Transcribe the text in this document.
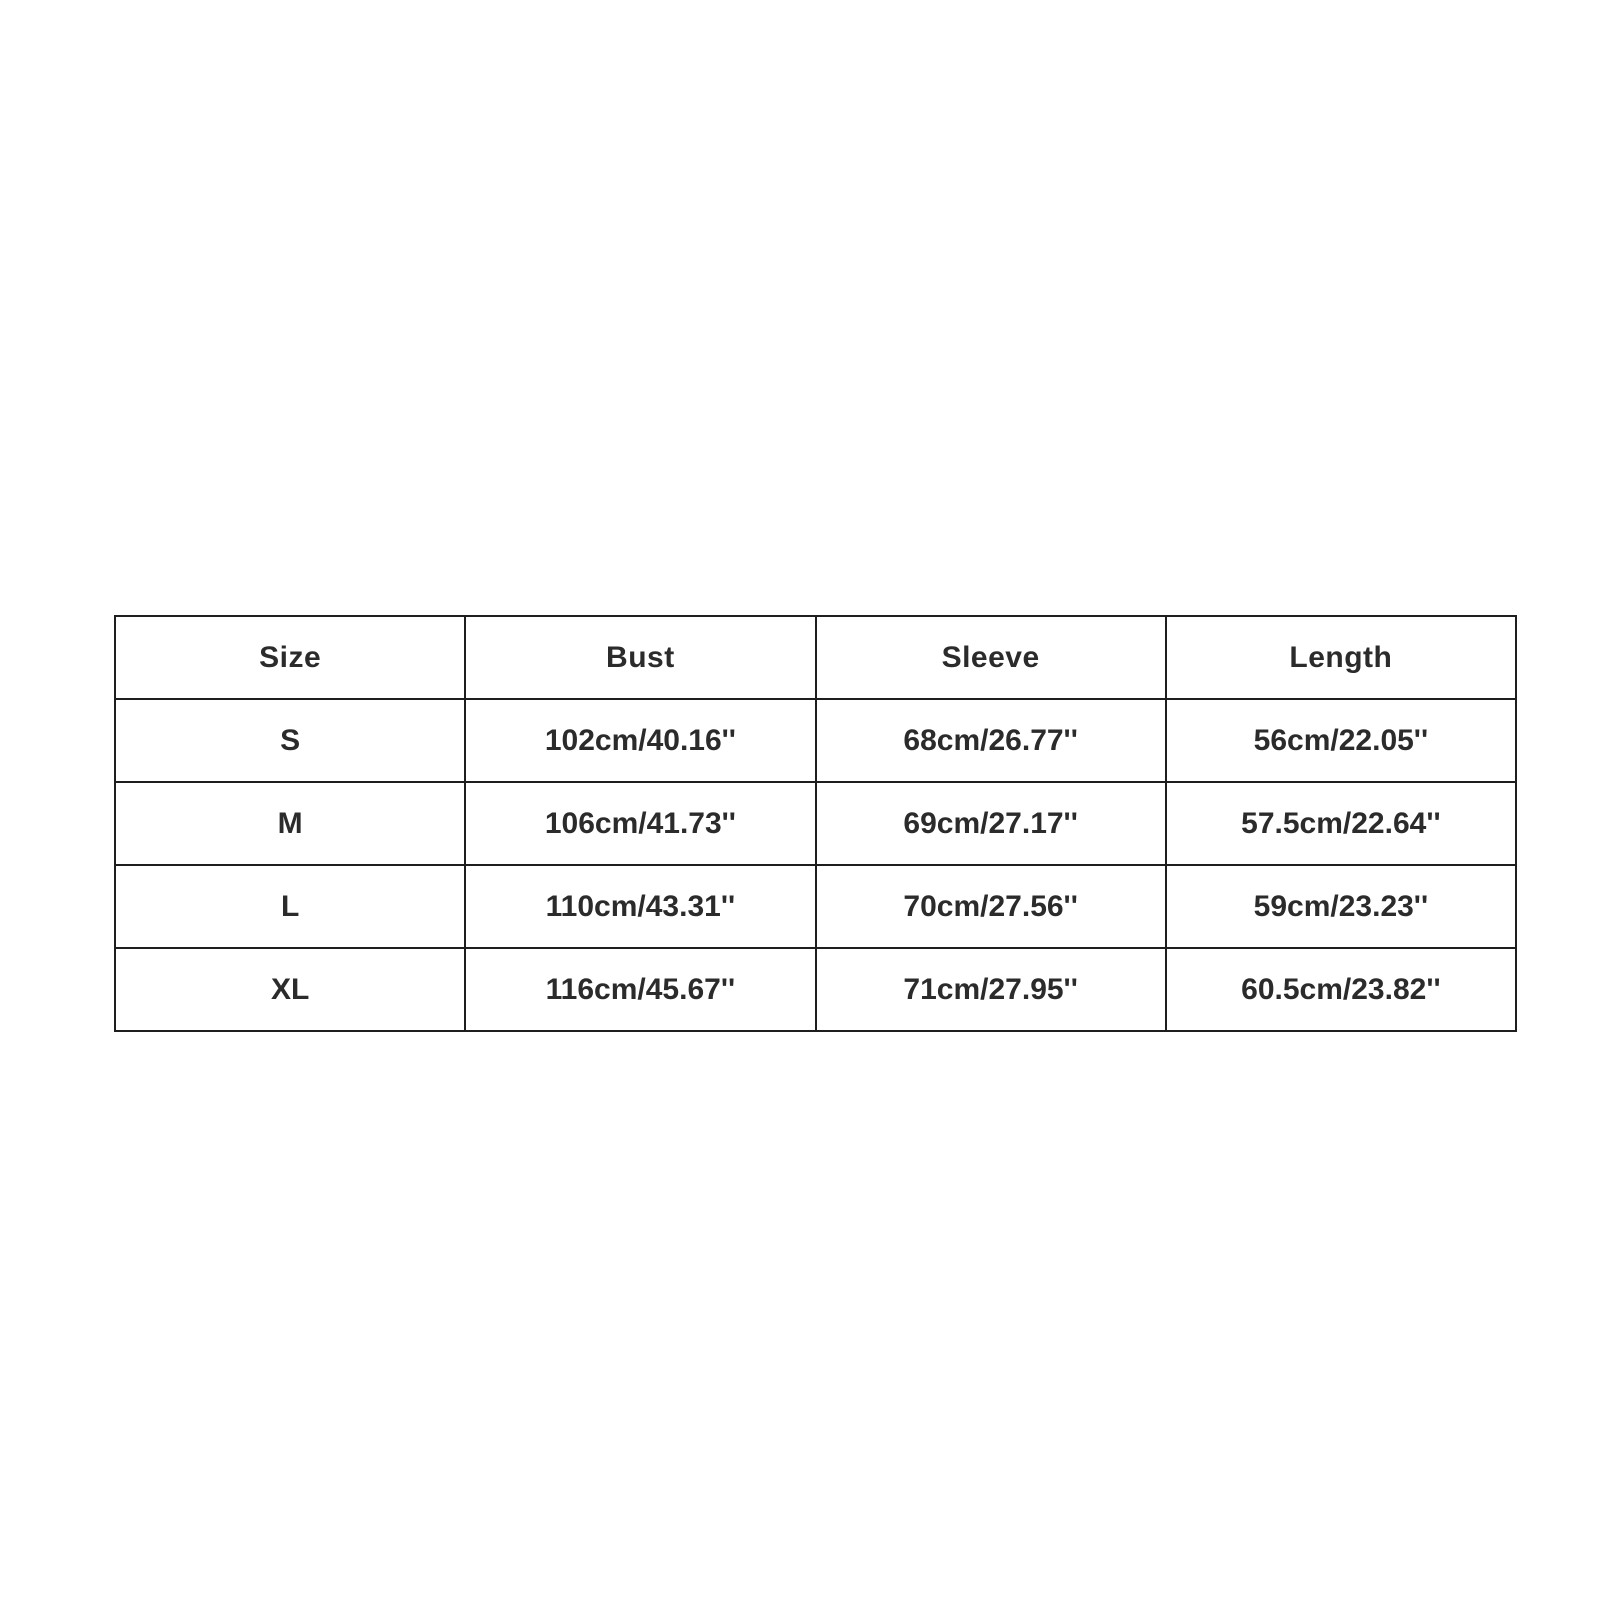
Size	Bust	Sleeve	Length
S	102cm/40.16''	68cm/26.77''	56cm/22.05''
M	106cm/41.73''	69cm/27.17''	57.5cm/22.64''
L	110cm/43.31''	70cm/27.56''	59cm/23.23''
XL	116cm/45.67''	71cm/27.95''	60.5cm/23.82''
